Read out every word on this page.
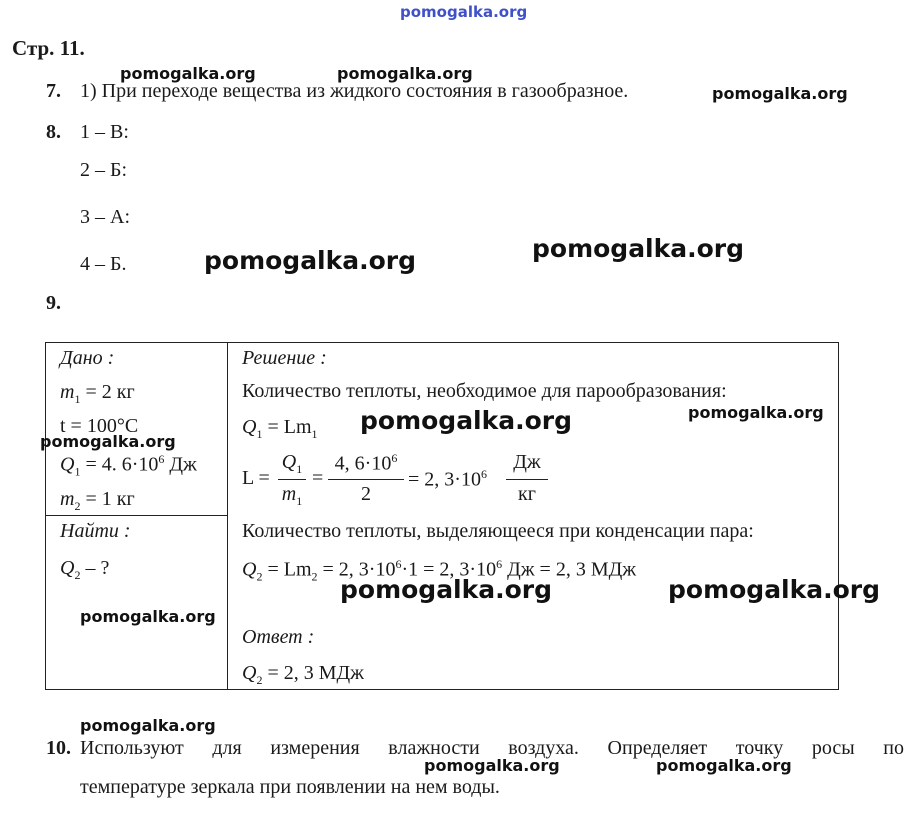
pomogalka.org
Стр. 11.
7. 1) При переходе вещества из жидкого состояния в газообразное.
8. 1 – В:
2 – Б:
3 – А:
4 – Б.
9.
Дано :
$m_1 = 2$ кг
t = 100°C
$Q_1 = 4$. $6\cdot 10^6$ Дж
$m_2 = 1$ кг
Найти :
$Q_2$ – ?
Решение :
Количество теплоты, необходимое для парообразования:
$Q_1 = Lm_1$
L =
$Q_1$
$m_1$
=
4, $6\cdot 10^6$
2
= 2, $3\cdot 10^6$
Дж
кг
Количество теплоты, выделяющееся при конденсации пара:
$Q_2 = Lm_2 = 2$, $3\cdot 10^6\cdot 1 = 2$, $3\cdot 10^6$ Дж = 2, 3 МДж
Ответ :
$Q_2 = 2$, 3 МДж
10. Используют для измерения влажности воздуха. Определяет точку росы по
температуре зеркала при появлении на нем воды.
pomogalka.org	pomogalka.org
pomogalka.org
pomogalka.org	pomogalka.org
pomogalka.org
pomogalka.org
pomogalka.org
pomogalka.org	pomogalka.org
pomogalka.org
pomogalka.org
pomogalka.org	pomogalka.org
